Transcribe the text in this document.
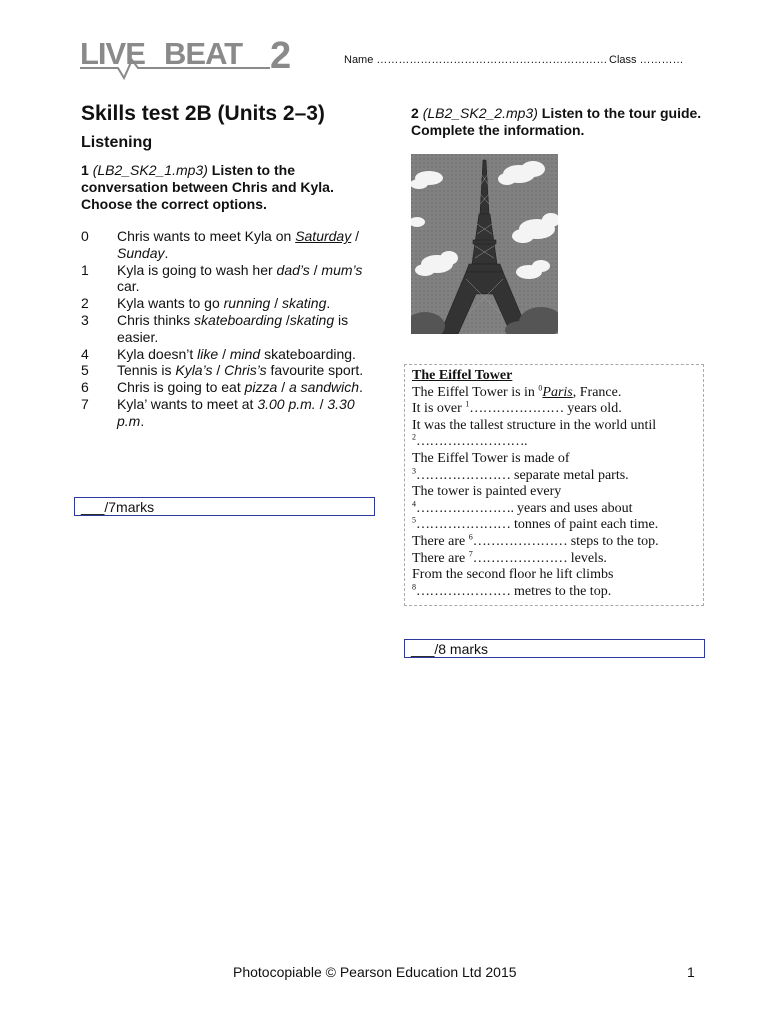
LIVE BEAT 2	Name ……………………………………………………… Class …………
Skills test 2B (Units 2–3)
Listening
1 (LB2_SK2_1.mp3) Listen to the conversation between Chris and Kyla. Choose the correct options.
0	Chris wants to meet Kyla on Saturday / Sunday.
1	Kyla is going to wash her dad’s / mum’s car.
2	Kyla wants to go running / skating.
3	Chris thinks skateboarding /skating is easier.
4	Kyla doesn’t like / mind skateboarding.
5	Tennis is Kyla’s / Chris’s favourite sport.
6	Chris is going to eat pizza / a sandwich.
7	Kyla’ wants to meet at 3.00 p.m. / 3.30 p.m.
___/7marks
2 (LB2_SK2_2.mp3) Listen to the tour guide. Complete the information.
The Eiffel Tower
The Eiffel Tower is in $^0$Paris, France.
It is over $^1$………………… years old.
It was the tallest structure in the world until
$^2$…………………….
The Eiffel Tower is made of
$^3$………………… separate metal parts.
The tower is painted every
$^4$…………………. years and uses about
$^5$………………… tonnes of paint each time.
There are $^6$………………… steps to the top.
There are $^7$………………… levels.
From the second floor he lift climbs
$^8$………………… metres to the top.
___/8 marks
Photocopiable © Pearson Education Ltd 2015	1
